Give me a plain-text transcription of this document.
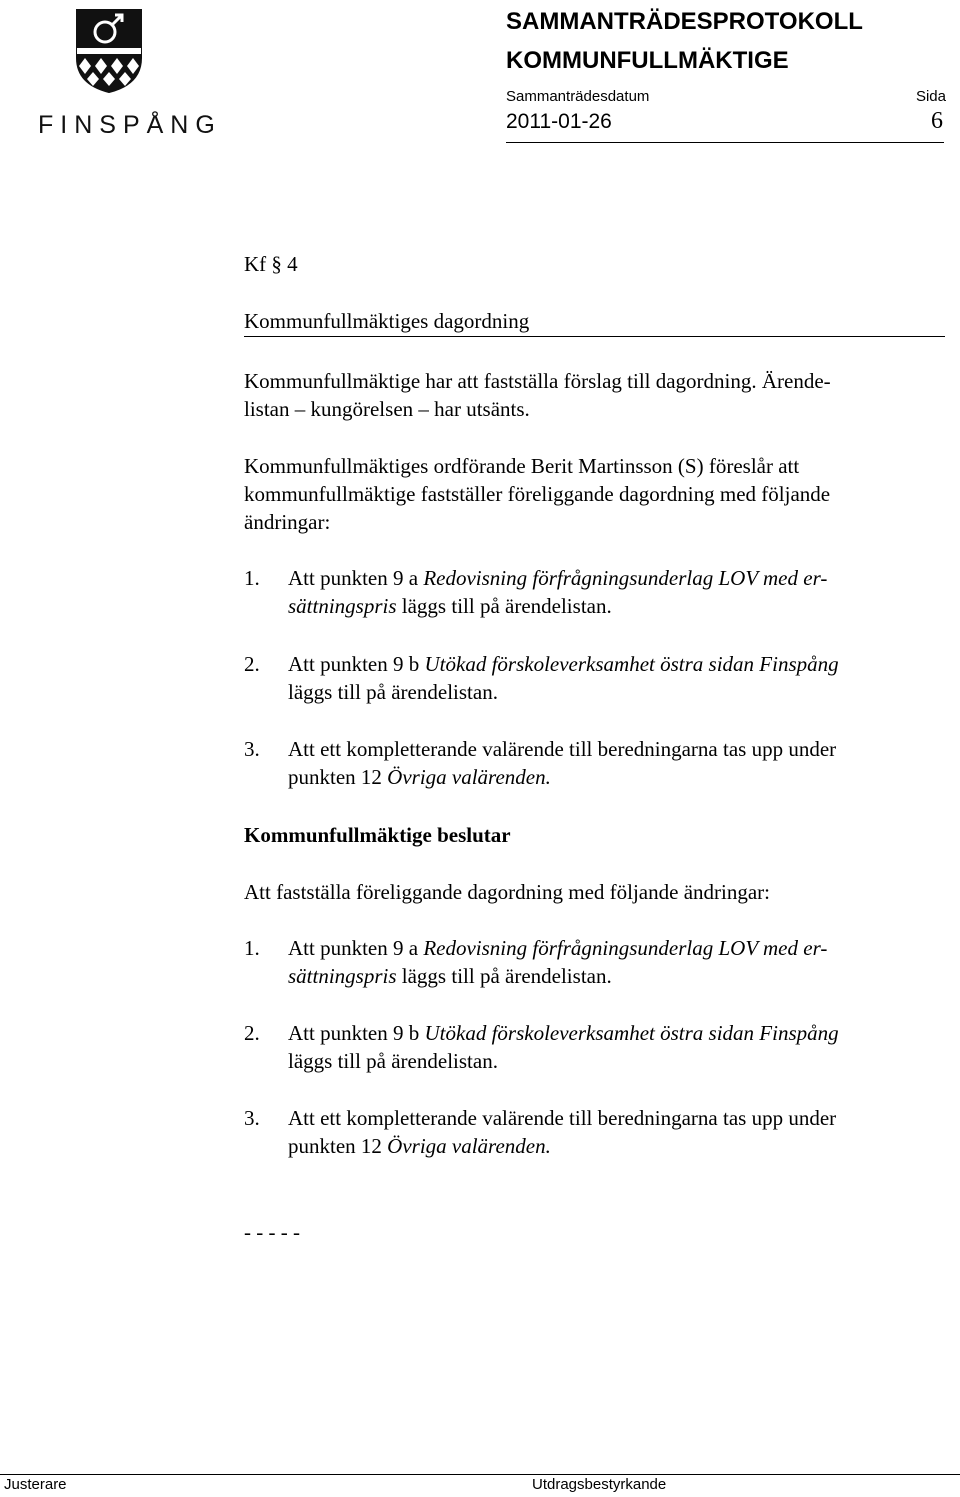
FINSPÅNG
SAMMANTRÄDESPROTOKOLL
KOMMUNFULLMÄKTIGE
Sammanträdesdatum	Sida
2011-01-26	6
Kf § 4
Kommunfullmäktiges dagordning
Kommunfullmäktige har att fastställa förslag till dagordning. Ärende-
listan – kungörelsen – har utsänts.
Kommunfullmäktiges ordförande Berit Martinsson (S) föreslår att
kommunfullmäktige fastställer föreliggande dagordning med följande
ändringar:
1. Att punkten 9 a Redovisning förfrågningsunderlag LOV med er-
sättningspris läggs till på ärendelistan.
2. Att punkten 9 b Utökad förskoleverksamhet östra sidan Finspång
läggs till på ärendelistan.
3. Att ett kompletterande valärende till beredningarna tas upp under
punkten 12 Övriga valärenden.
Kommunfullmäktige beslutar
Att fastställa föreliggande dagordning med följande ändringar:
1. Att punkten 9 a Redovisning förfrågningsunderlag LOV med er-
sättningspris läggs till på ärendelistan.
2. Att punkten 9 b Utökad förskoleverksamhet östra sidan Finspång
läggs till på ärendelistan.
3. Att ett kompletterande valärende till beredningarna tas upp under
punkten 12 Övriga valärenden.
- - - - -
Justerare	Utdragsbestyrkande
